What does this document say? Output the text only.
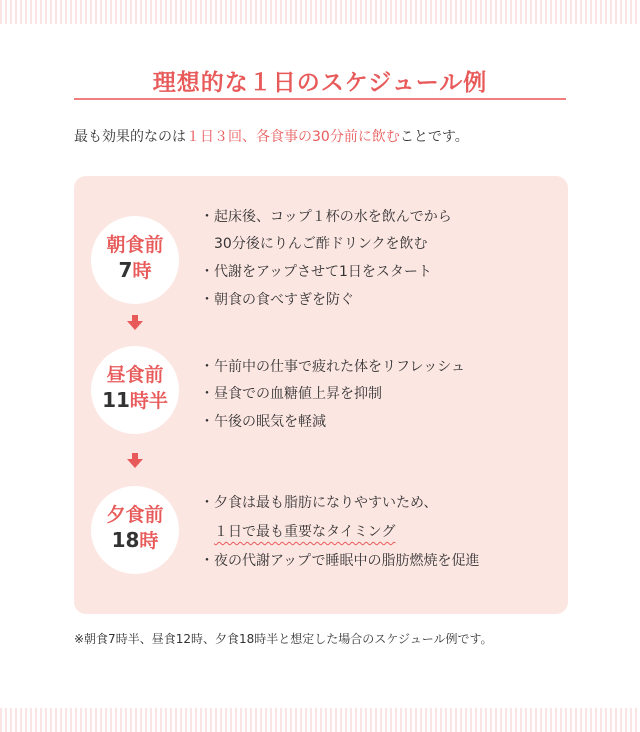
理想的な１日のスケジュール例

最も効果的なのは１日３回、各食事の30分前に飲むことです。

朝食前
7時
・起床後、コップ１杯の水を飲んでから
　30分後にりんご酢ドリンクを飲む
・代謝をアップさせて1日をスタート
・朝食の食べすぎを防ぐ
昼食前
11時半
・午前中の仕事で疲れた体をリフレッシュ
・昼食での血糖値上昇を抑制
・午後の眠気を軽減
夕食前
18時
・夕食は最も脂肪になりやすいため、
１日で最も重要なタイミング
・夜の代謝アップで睡眠中の脂肪燃焼を促進

※朝食7時半、昼食12時、夕食18時半と想定した場合のスケジュール例です。
